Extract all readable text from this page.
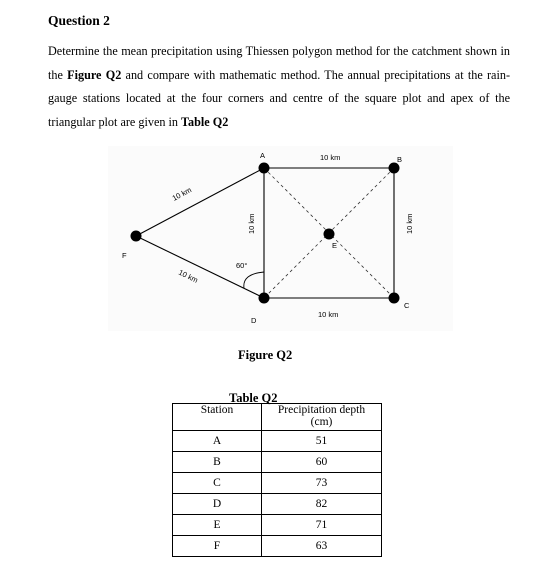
Question 2
Determine the mean precipitation using Thiessen polygon method for the catchment shown in the Figure Q2 and compare with mathematic method. The annual precipitations at the rain- gauge stations located at the four corners and centre of the square plot and apex of the triangular plot are given in Table Q2
A	B
C
D
E
F
10 km
10 km
60°
10 km	10 km
10 km
10 km
Figure Q2
Table Q2
Station	Precipitation depth
(cm)
A	51
B	60
C	73
D	82
E	71
F	63
